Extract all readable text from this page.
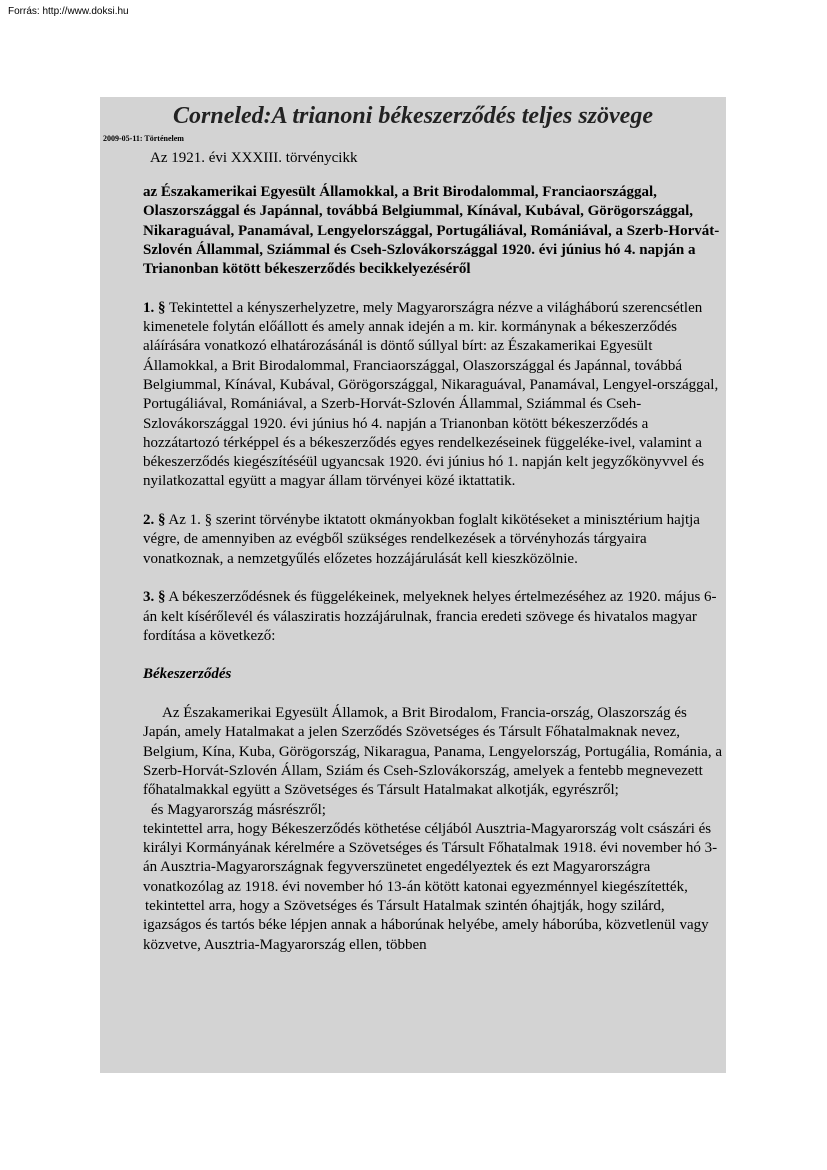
Forrás: http://www.doksi.hu
Corneled:A trianoni békeszerződés teljes szövege
2009-05-11: Történelem
Az 1921. évi XXXIII. törvénycikk

az Északamerikai Egyesült Államokkal, a Brit Birodalommal, Franciaországgal, Olaszországgal és Japánnal, továbbá Belgiummal, Kínával, Kubával, Görögországgal, Nikaraguával, Panamával, Lengyelországgal, Portugáliával, Romániával, a Szerb-Horvát-Szlovén Állammal, Sziámmal és Cseh-Szlovákországgal 1920. évi június hó 4. napján a Trianonban kötött békeszerződés becikkelyezéséről

1. § Tekintettel a kényszerhelyzetre, mely Magyarországra nézve a világháború szerencsétlen kimenetele folytán előállott és amely annak idején a m. kir. kormánynak a békeszerződés aláírására vonatkozó elhatározásánál is döntő súllyal bírt: az Északamerikai Egyesült Államokkal, a Brit Birodalommal, Franciaországgal, Olaszországgal és Japánnal, továbbá Belgiummal, Kínával, Kubával, Görögországgal, Nikaraguával, Panamával, Lengyel-országgal, Portugáliával, Romániával, a Szerb-Horvát-Szlovén Állammal, Sziámmal és Cseh-Szlovákországgal 1920. évi június hó 4. napján a Trianonban kötött békeszerződés a hozzátartozó térképpel és a békeszerződés egyes rendelkezéseinek függeléke-ivel, valamint a békeszerződés kiegészítéséül ugyancsak 1920. évi június hó 1. napján kelt jegyzőkönyvvel és nyilatkozattal együtt a magyar állam törvényei közé iktattatik.

2. § Az 1. § szerint törvénybe iktatott okmányokban foglalt kikötéseket a minisztérium hajtja végre, de amennyiben az evégből szükséges rendelkezések a törvényhozás tárgyaira vonatkoznak, a nemzetgyűlés előzetes hozzájárulását kell kieszközölnie.

3. § A békeszerződésnek és függelékeinek, melyeknek helyes értelmezéséhez az 1920. május 6-án kelt kísérőlevél és válasziratis hozzájárulnak, francia eredeti szövege és hivatalos magyar fordítása a következő:

Békeszerződés

Az Északamerikai Egyesült Államok, a Brit Birodalom, Francia-ország, Olaszország és Japán, amely Hatalmakat a jelen Szerződés Szövetséges és Társult Főhatalmaknak nevez, Belgium, Kína, Kuba, Görögország, Nikaragua, Panama, Lengyelország, Portugália, Románia, a Szerb-Horvát-Szlovén Állam, Sziám és Cseh-Szlovákország, amelyek a fentebb megnevezett főhatalmakkal együtt a Szövetséges és Társult Hatalmakat alkotják, egyrészről;

és Magyarország másrészről;

tekintettel arra, hogy Békeszerződés köthetése céljából Ausztria-Magyarország volt császári és királyi Kormányának kérelmére a Szövetséges és Társult Főhatalmak 1918. évi november hó 3-án Ausztria-Magyarországnak fegyverszünetet engedélyeztek és ezt Magyarországra vonatkozólag az 1918. évi november hó 13-án kötött katonai egyezménnyel kiegészítették,

tekintettel arra, hogy a Szövetséges és Társult Hatalmak szintén óhajtják, hogy szilárd, igazságos és tartós béke lépjen annak a háborúnak helyébe, amely háborúba, közvetlenül vagy közvetve, Ausztria-Magyarország ellen, többen
